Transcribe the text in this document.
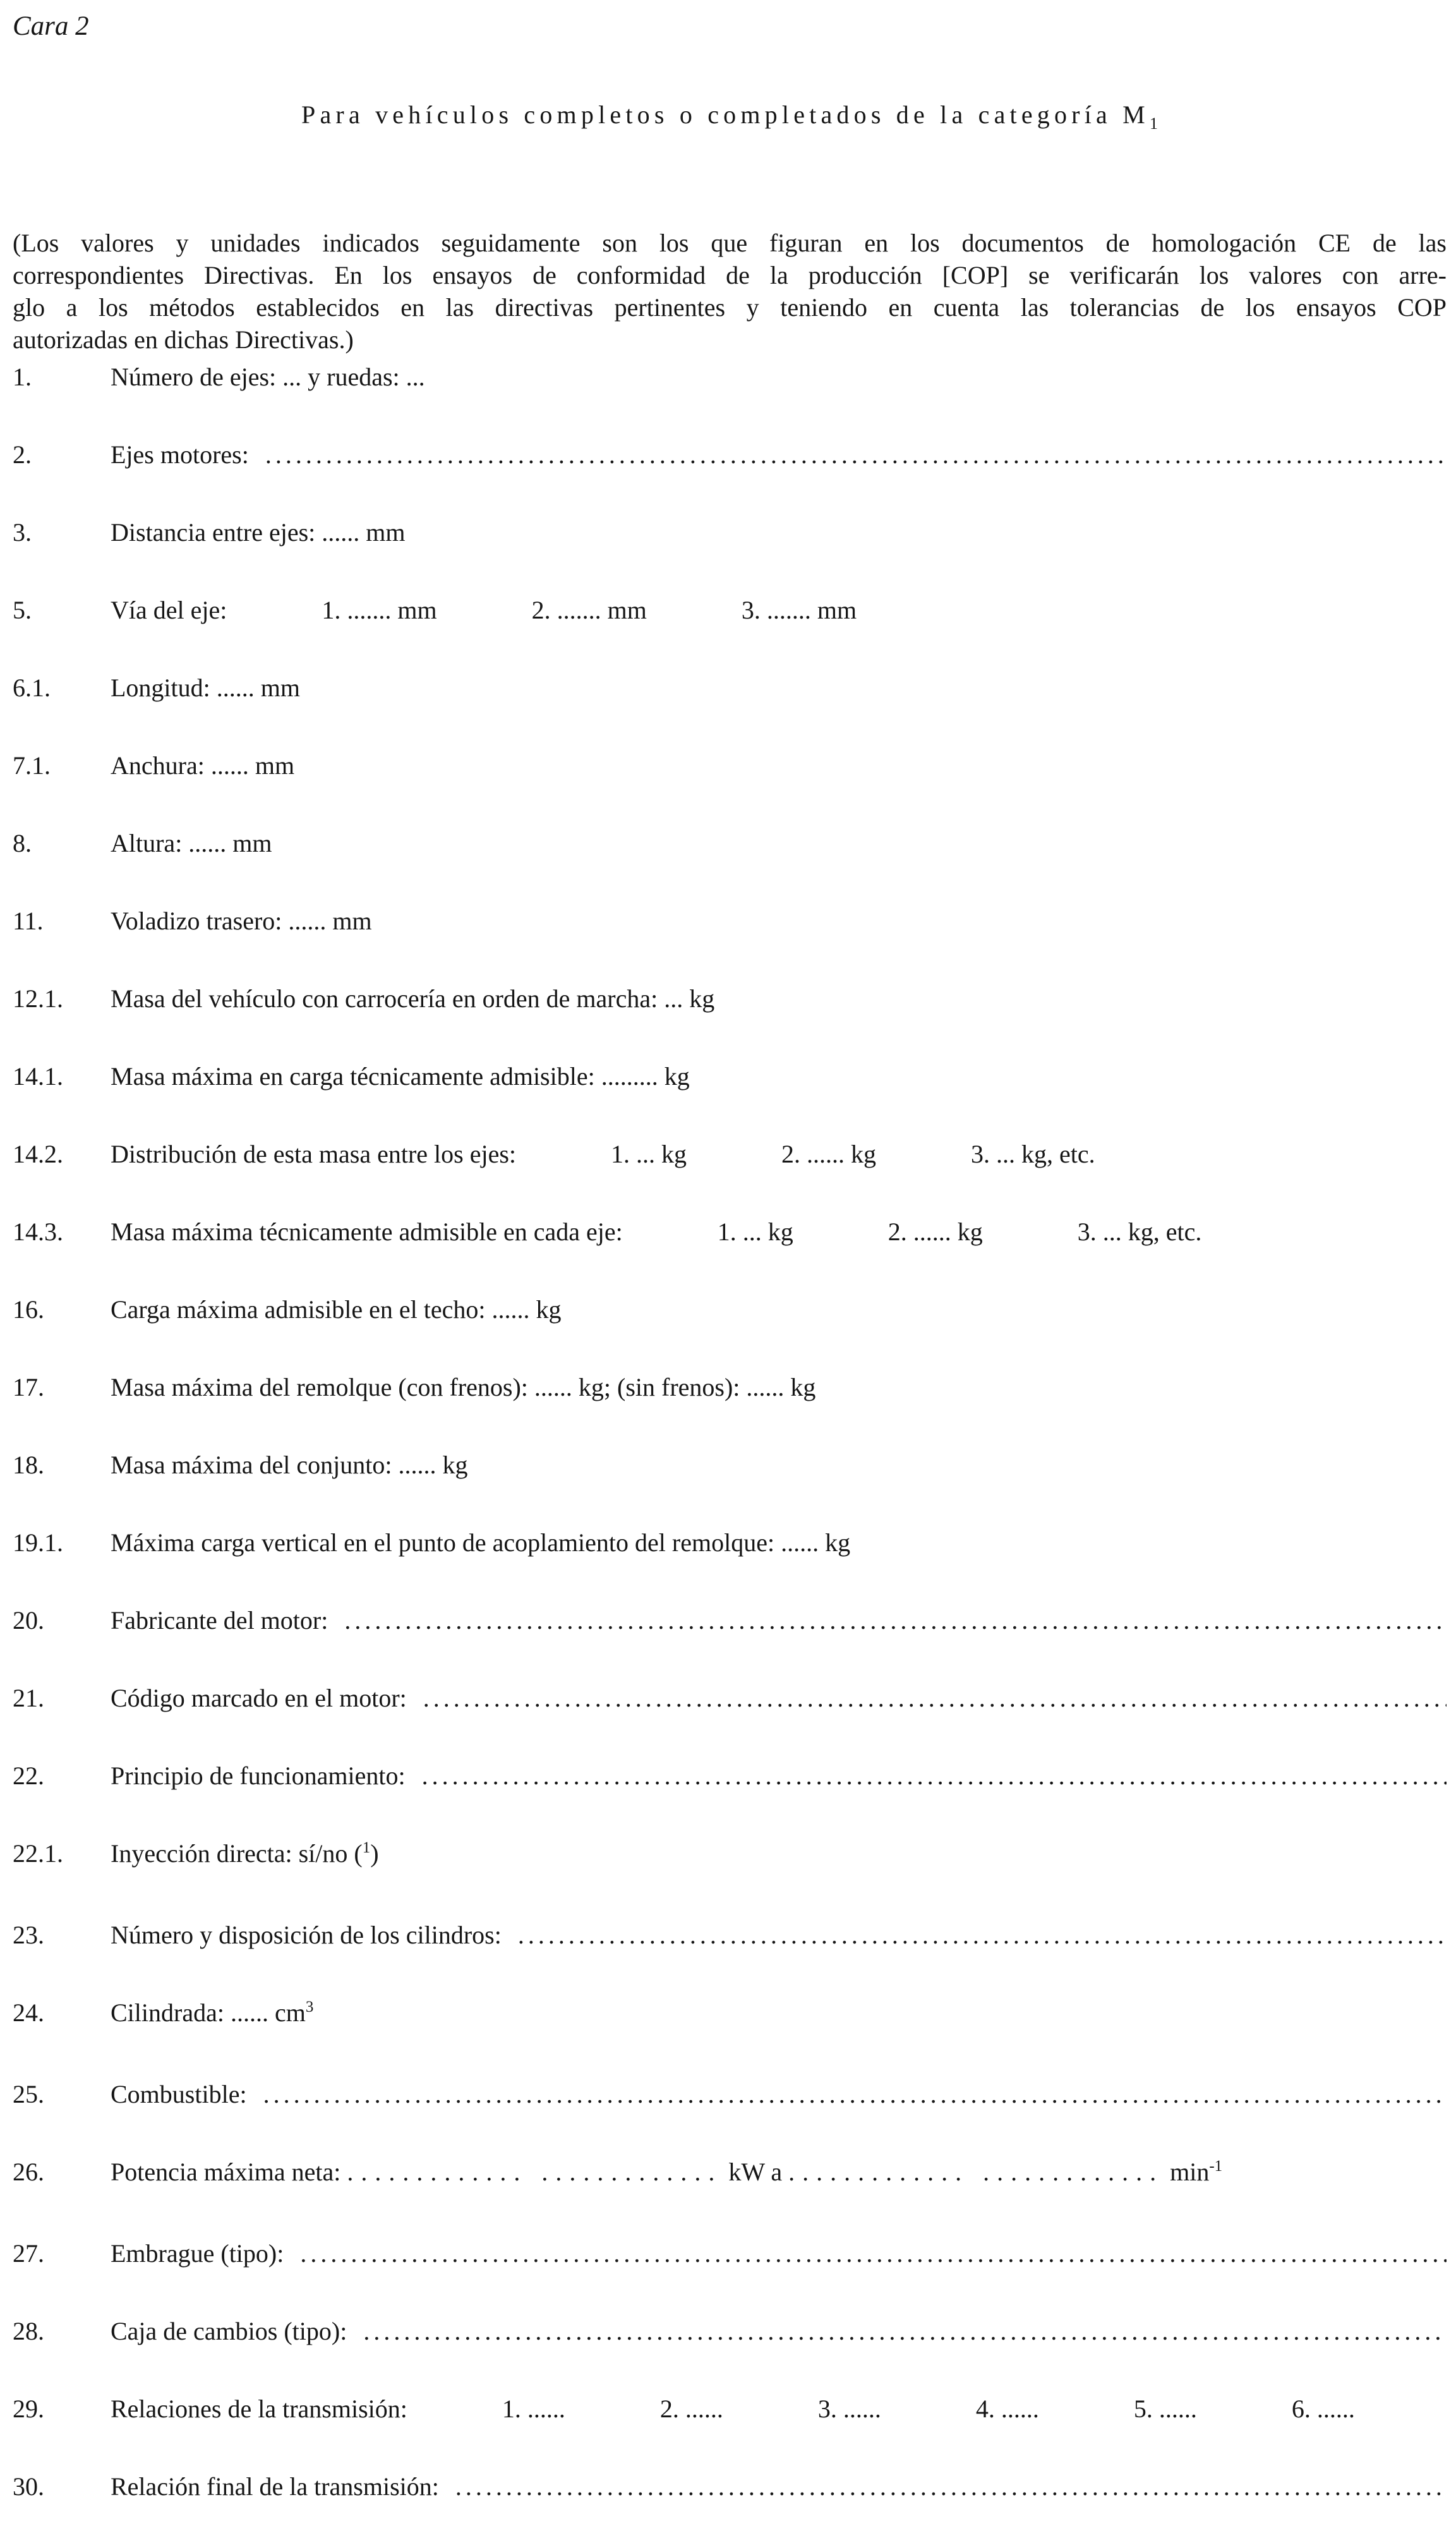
Cara 2
Para vehículos completos o completados de la categoría $M_1$
(Los valores y unidades indicados seguidamente son los que figuran en los documentos de homologación CE de las
correspondientes Directivas. En los ensayos de conformidad de la producción [COP] se verificarán los valores con arre-
glo a los métodos establecidos en las directivas pertinentes y teniendo en cuenta las tolerancias de los ensayos COP
autorizadas en dichas Directivas.)
1.	Número de ejes: ... y ruedas: ...
2.	Ejes motores:
.....
3.	Distancia entre ejes: ...... mm
5.	Vía del eje:	1. ....... mm	2. ....... mm	3. ....... mm
6.1.	Longitud: ...... mm
7.1.	Anchura: ...... mm
8.	Altura: ...... mm
11.	Voladizo trasero: ...... mm
12.1.	Masa del vehículo con carrocería en orden de marcha: ... kg
14.1.	Masa máxima en carga técnicamente admisible: ......... kg
14.2.	Distribución de esta masa entre los ejes:	1. ... kg	2. ...... kg	3. ... kg, etc.
14.3.	Masa máxima técnicamente admisible en cada eje:	1. ... kg	2. ...... kg	3. ... kg, etc.
16.	Carga máxima admisible en el techo: ...... kg
17.	Masa máxima del remolque (con frenos): ...... kg; (sin frenos): ...... kg
18.	Masa máxima del conjunto: ...... kg
19.1.	Máxima carga vertical en el punto de acoplamiento del remolque: ...... kg
20.	Fabricante del motor:
.....
21.	Código marcado en el motor:
.....
22.	Principio de funcionamiento:
.....
22.1.	Inyección directa: sí/no ( 1 )
23.	Número y disposición de los cilindros:
.....
24.	Cilindrada: ...... cm 3
25.	Combustible:
.....
26.	Potencia máxima neta: ............. ............. kW a ............. ............. min -1
27.	Embrague (tipo):
.....
28.	Caja de cambios (tipo):
.....
29.	Relaciones de la transmisión:	1. ......	2. ......	3. ......	4. ......	5. ......	6. ......
30.	Relación final de la transmisión:
.....
